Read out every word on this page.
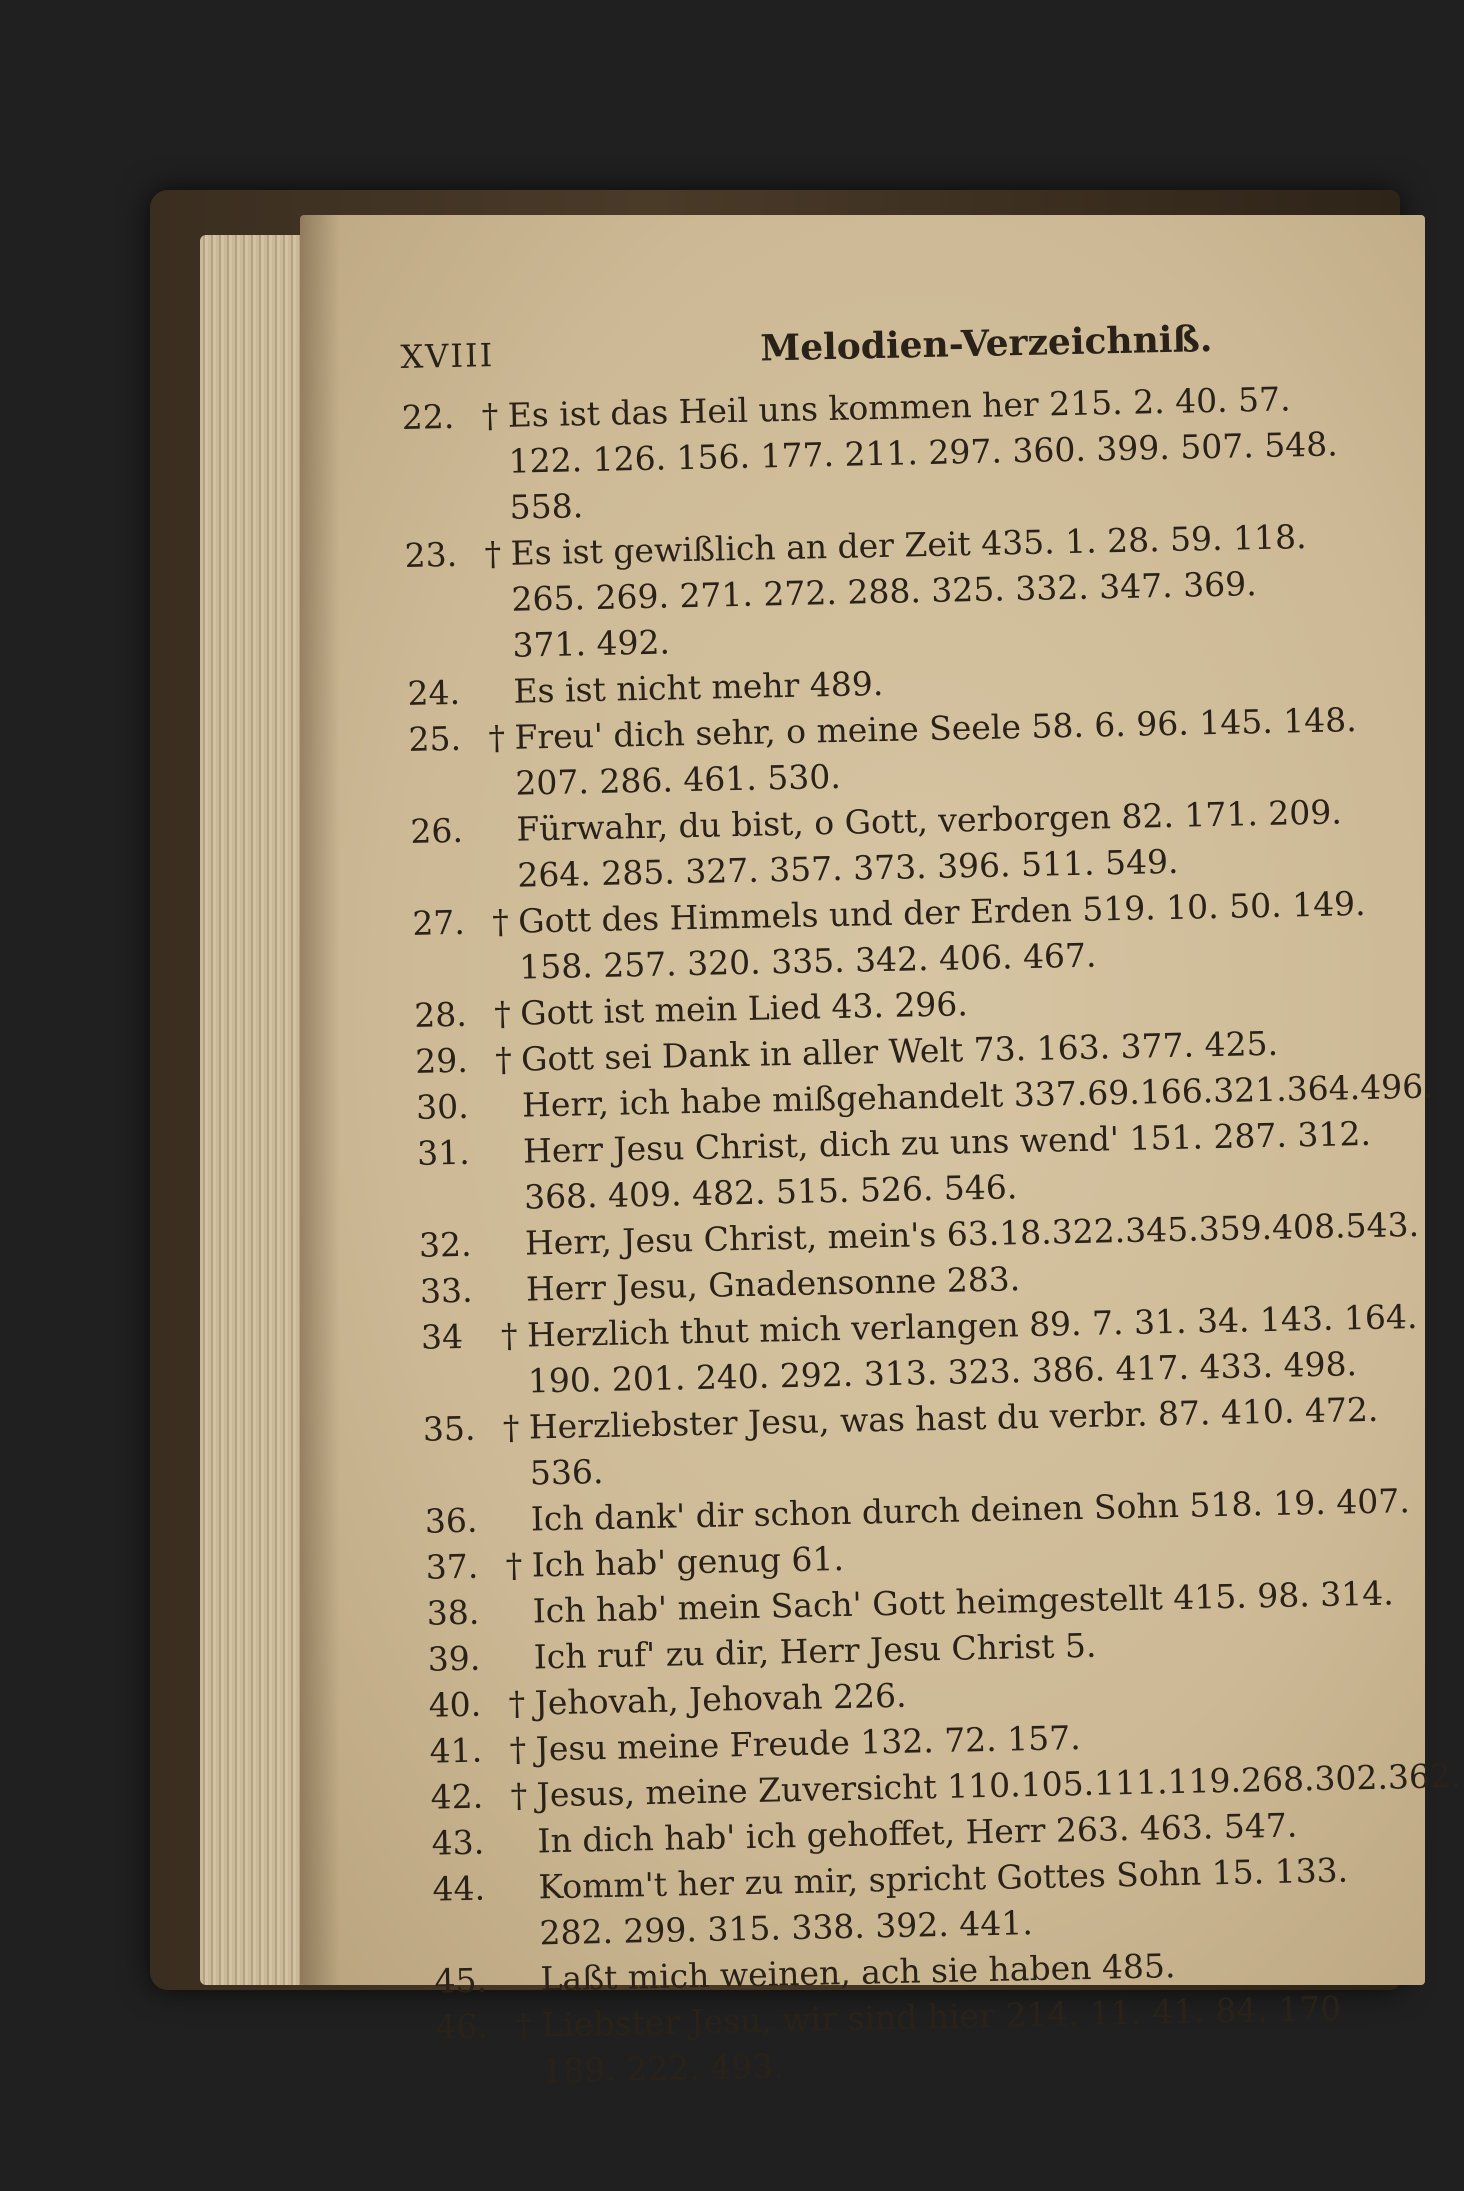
XVIII	Melodien-Verzeichniß.
22. † Es ist das Heil uns kommen her 215. 2. 40. 57.
122. 126. 156. 177. 211. 297. 360. 399. 507. 548.
558.
23. † Es ist gewißlich an der Zeit 435. 1. 28. 59. 118.
265. 269. 271. 272. 288. 325. 332. 347. 369.
371. 492.
24.	Es ist nicht mehr 489.
25. † Freu' dich sehr, o meine Seele 58. 6. 96. 145. 148.
207. 286. 461. 530.
26.	Fürwahr, du bist, o Gott, verborgen 82. 171. 209.
264. 285. 327. 357. 373. 396. 511. 549.
27. † Gott des Himmels und der Erden 519. 10. 50. 149.
158. 257. 320. 335. 342. 406. 467.
28. † Gott ist mein Lied 43. 296.
29. † Gott sei Dank in aller Welt 73. 163. 377. 425.
30.	Herr, ich habe mißgehandelt 337.69.166.321.364.496.
31.	Herr Jesu Christ, dich zu uns wend' 151. 287. 312.
368. 409. 482. 515. 526. 546.
32.	Herr, Jesu Christ, mein's 63.18.322.345.359.408.543.
33.	Herr Jesu, Gnadensonne 283.
34	† Herzlich thut mich verlangen 89. 7. 31. 34. 143. 164.
190. 201. 240. 292. 313. 323. 386. 417. 433. 498.
35. † Herzliebster Jesu, was hast du verbr. 87. 410. 472. 536.
36.	Ich dank' dir schon durch deinen Sohn 518. 19. 407.
37. † Ich hab' genug 61.
38.	Ich hab' mein Sach' Gott heimgestellt 415. 98. 314.
39.	Ich ruf' zu dir, Herr Jesu Christ 5.
40. † Jehovah, Jehovah 226.
41. † Jesu meine Freude 132. 72. 157.
42. † Jesus, meine Zuversicht 110.105.111.119.268.302.362.
43.	In dich hab' ich gehoffet, Herr 263. 463. 547.
44.	Komm't her zu mir, spricht Gottes Sohn 15. 133.
282. 299. 315. 338. 392. 441.
45.	Laßt mich weinen, ach sie haben 485.
46. † Liebster Jesu, wir sind hier 214. 11. 41. 84. 170
189. 222. 493.
